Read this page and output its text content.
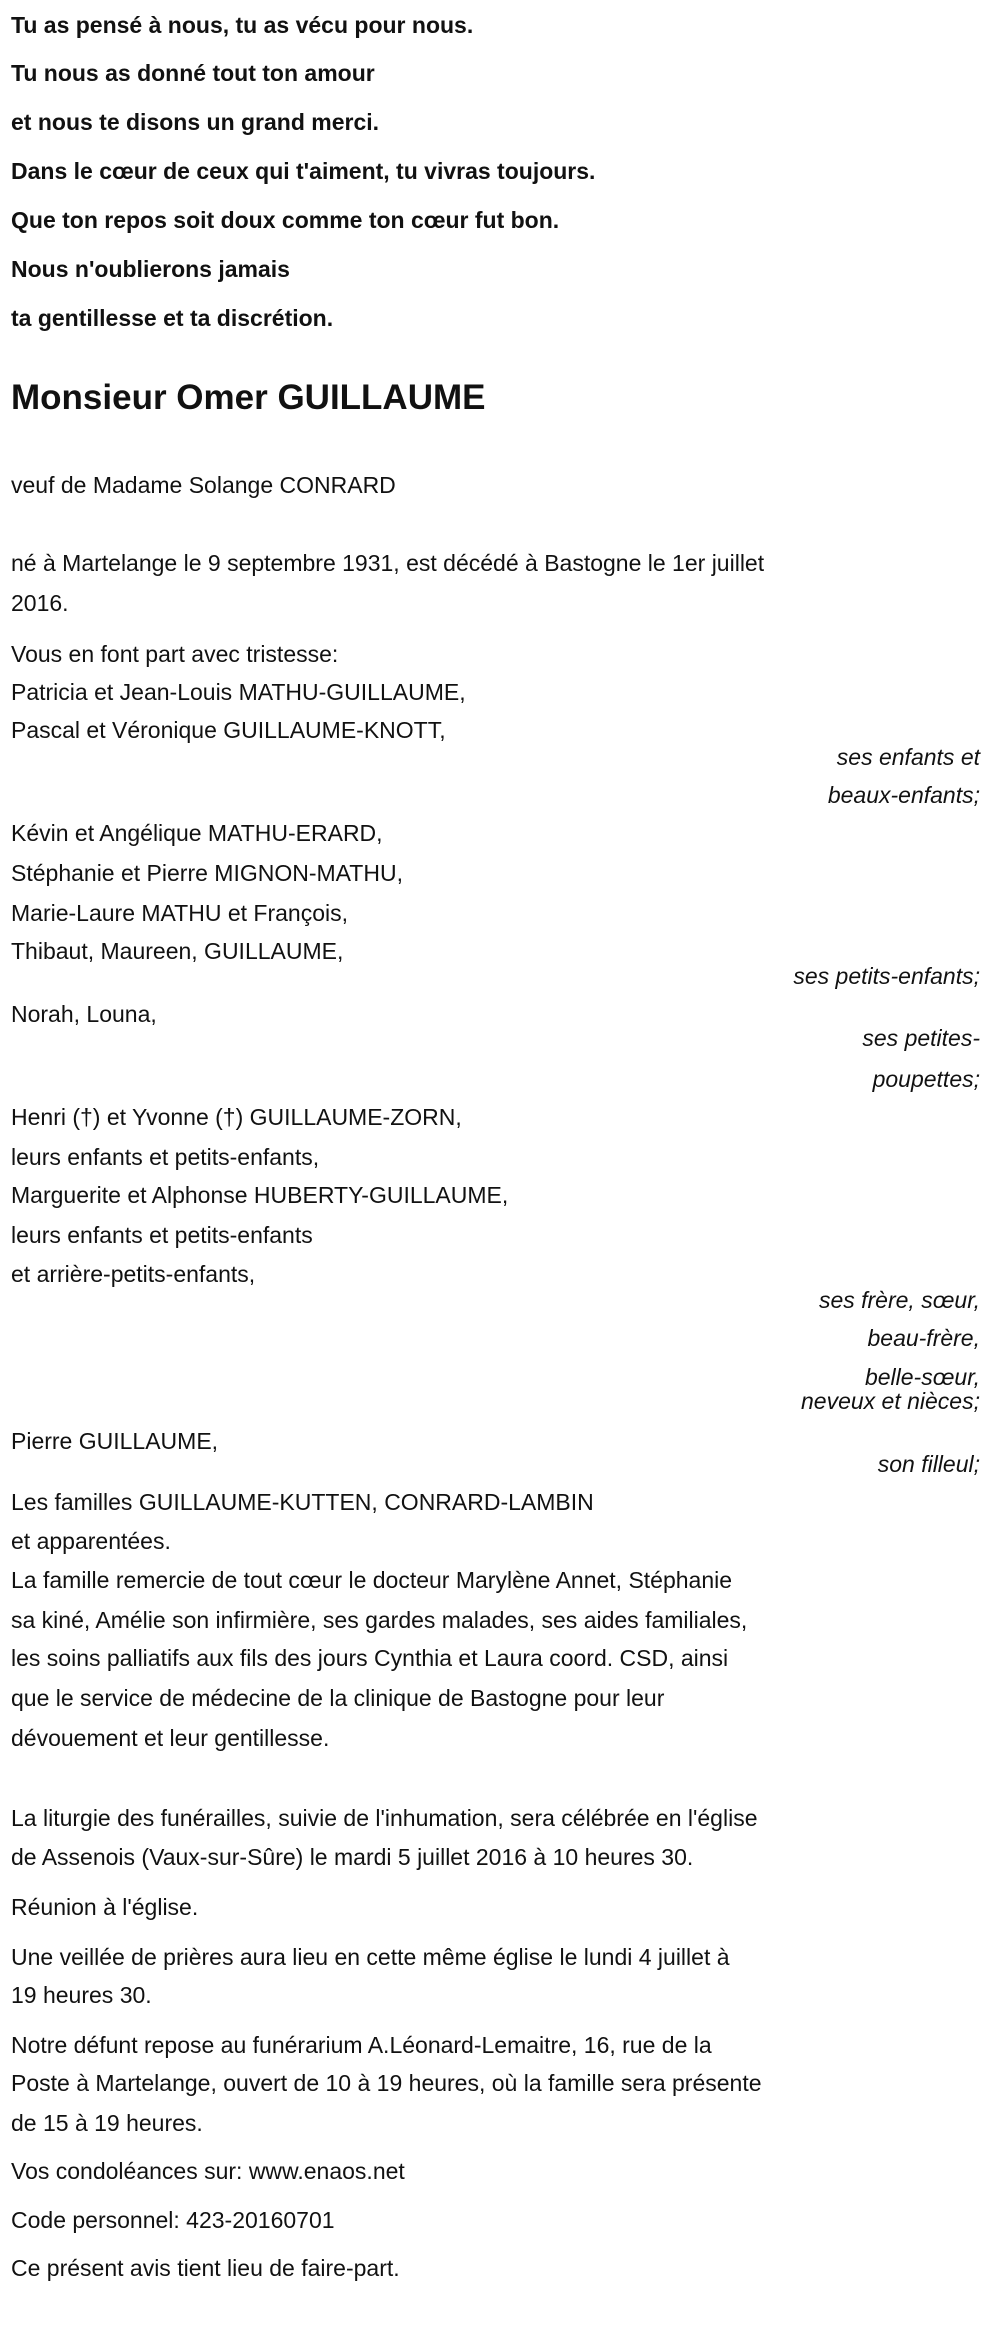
Tu as pensé à nous, tu as vécu pour nous.
Tu nous as donné tout ton amour
et nous te disons un grand merci.
Dans le cœur de ceux qui t'aiment, tu vivras toujours.
Que ton repos soit doux comme ton cœur fut bon.
Nous n'oublierons jamais
ta gentillesse et ta discrétion.
Monsieur Omer GUILLAUME
veuf de Madame Solange CONRARD
né à Martelange le 9 septembre 1931, est décédé à Bastogne le 1er juillet
2016.
Vous en font part avec tristesse:
Patricia et Jean-Louis MATHU-GUILLAUME,
Pascal et Véronique GUILLAUME-KNOTT,
ses enfants et
beaux-enfants;
Kévin et Angélique MATHU-ERARD,
Stéphanie et Pierre MIGNON-MATHU,
Marie-Laure MATHU et François,
Thibaut, Maureen, GUILLAUME,
ses petits-enfants;
Norah, Louna,
ses petites-
poupettes;
Henri (†) et Yvonne (†) GUILLAUME-ZORN,
leurs enfants et petits-enfants,
Marguerite et Alphonse HUBERTY-GUILLAUME,
leurs enfants et petits-enfants
et arrière-petits-enfants,
ses frère, sœur,
beau-frère,
belle-sœur,
neveux et nièces;
Pierre GUILLAUME,
son filleul;
Les familles GUILLAUME-KUTTEN, CONRARD-LAMBIN
et apparentées.
La famille remercie de tout cœur le docteur Marylène Annet, Stéphanie
sa kiné, Amélie son infirmière, ses gardes malades, ses aides familiales,
les soins palliatifs aux fils des jours Cynthia et Laura coord. CSD, ainsi
que le service de médecine de la clinique de Bastogne pour leur
dévouement et leur gentillesse.
La liturgie des funérailles, suivie de l'inhumation, sera célébrée en l'église
de Assenois (Vaux-sur-Sûre) le mardi 5 juillet 2016 à 10 heures 30.
Réunion à l'église.
Une veillée de prières aura lieu en cette même église le lundi 4 juillet à
19 heures 30.
Notre défunt repose au funérarium A.Léonard-Lemaitre, 16, rue de la
Poste à Martelange, ouvert de 10 à 19 heures, où la famille sera présente
de 15 à 19 heures.
Vos condoléances sur: www.enaos.net
Code personnel: 423-20160701
Ce présent avis tient lieu de faire-part.
